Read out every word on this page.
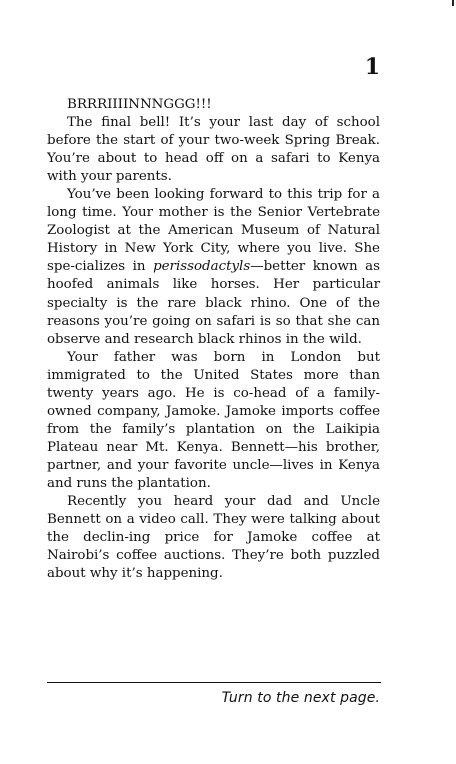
1

BRRRIIIINNNGGG!!!

The final bell! It’s your last day of school before the start of your two-week Spring Break. You’re about to head off on a safari to Kenya with your parents.

You’ve been looking forward to this trip for a long time. Your mother is the Senior Vertebrate Zoologist at the American Museum of Natural History in New York City, where you live. She spe-cializes in perissodactyls—better known as hoofed animals like horses. Her particular specialty is the rare black rhino. One of the reasons you’re going on safari is so that she can observe and research black rhinos in the wild.

Your father was born in London but immigrated to the United States more than twenty years ago. He is co-head of a family-owned company, Jamoke. Jamoke imports coffee from the family’s plantation on the Laikipia Plateau near Mt. Kenya. Bennett—his brother, partner, and your favorite uncle—lives in Kenya and runs the plantation.

Recently you heard your dad and Uncle Bennett on a video call. They were talking about the declin-ing price for Jamoke coffee at Nairobi’s coffee auctions. They’re both puzzled about why it’s happening.

Turn to the next page.
